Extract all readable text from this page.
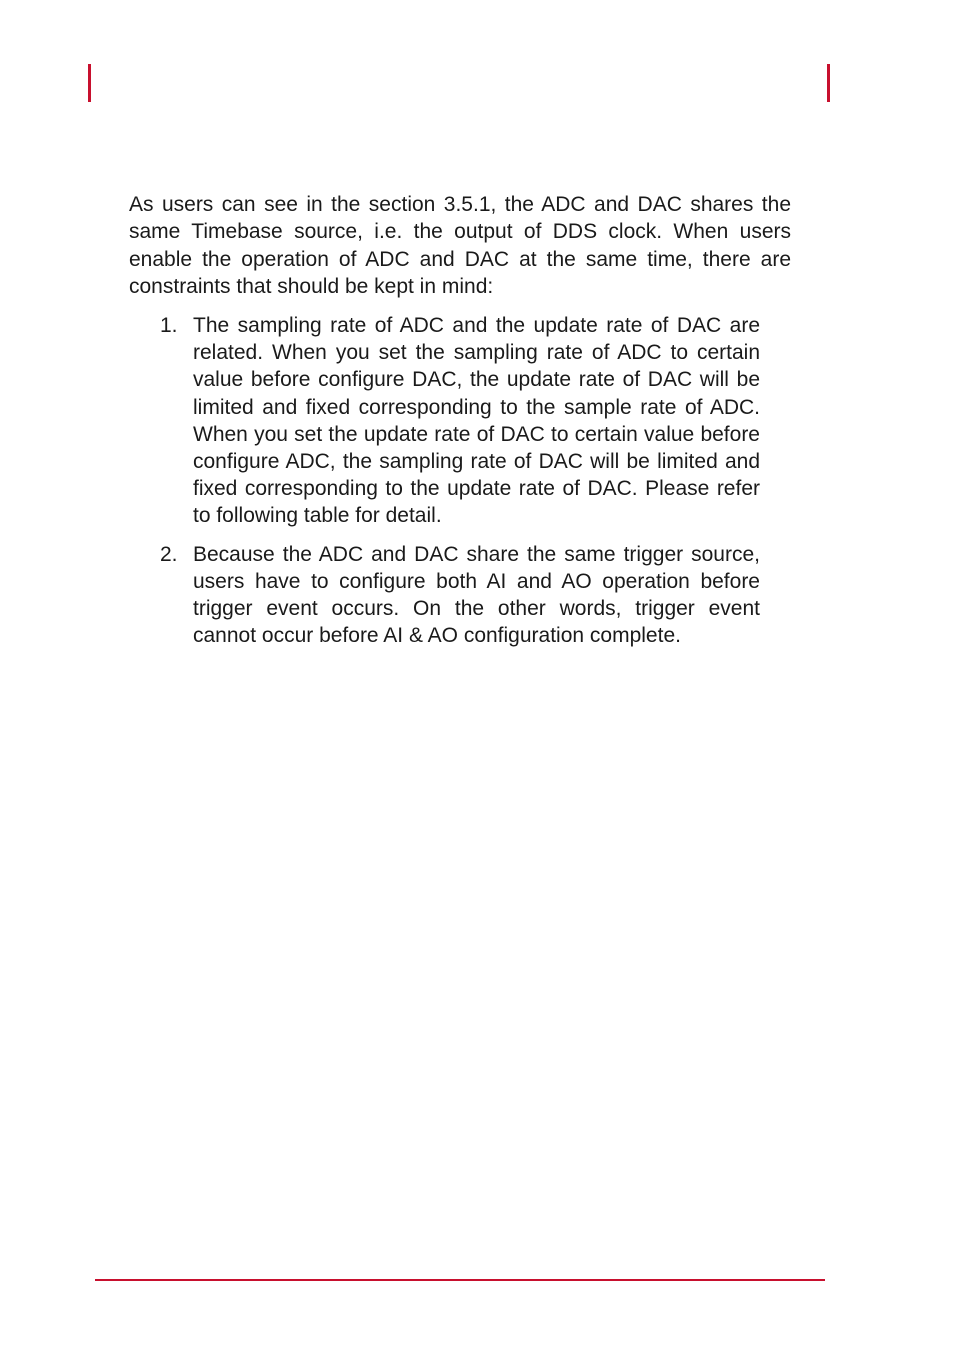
As users can see in the section 3.5.1, the ADC and DAC shares the same Timebase source, i.e. the output of DDS clock. When users enable the operation of ADC and DAC at the same time, there are constraints that should be kept in mind:

1. The sampling rate of ADC and the update rate of DAC are related. When you set the sampling rate of ADC to certain value before configure DAC, the update rate of DAC will be limited and fixed corresponding to the sample rate of ADC. When you set the update rate of DAC to certain value before configure ADC, the sampling rate of DAC will be limited and fixed corresponding to the update rate of DAC. Please refer to following table for detail.
2. Because the ADC and DAC share the same trigger source, users have to configure both AI and AO operation before trigger event occurs. On the other words, trigger event cannot occur before AI & AO configuration complete.
